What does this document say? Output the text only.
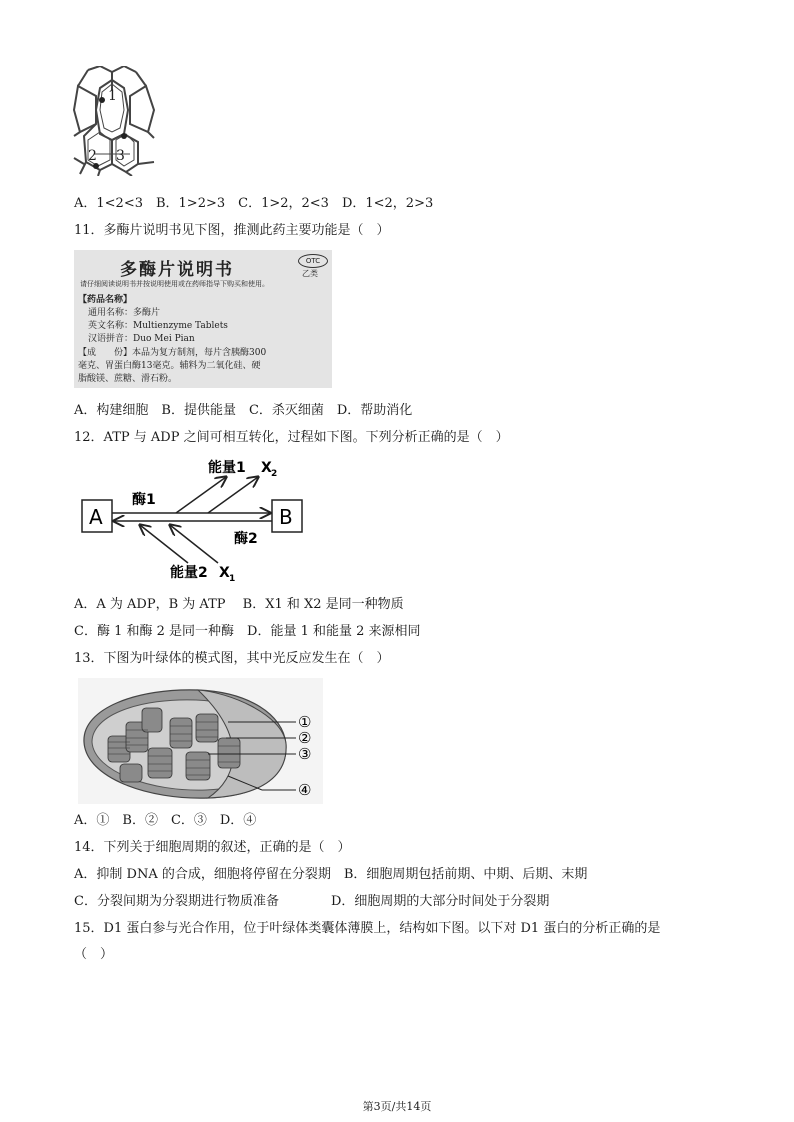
1
2 3
A．1<2<3　B．1>2>3　C．1>2，2<3　D．1<2，2>3
11．多酶片说明书见下图，推测此药主要功能是（　）
多酶片说明书	OTC
乙类
请仔细阅读说明书并按说明使用或在药师指导下购买和使用。
【药品名称】
通用名称：多酶片
英文名称：Multienzyme Tablets
汉语拼音：Duo Mei Pian
【成　　份】本品为复方制剂，每片含胰酶300
毫克、胃蛋白酶13毫克。辅料为二氧化硅、硬
脂酸镁、蔗糖、滑石粉。
A．构建细胞　B．提供能量　C．杀灭细菌　D．帮助消化
12．ATP 与 ADP 之间可相互转化，过程如下图。下列分析正确的是（　）
A	B
酶1
酶2
能量1 X 2
能量2 X 1
A．A 为 ADP，B 为 ATP　 B．X1 和 X2 是同一种物质
C．酶 1 和酶 2 是同一种酶　D．能量 1 和能量 2 来源相同
13．下图为叶绿体的模式图，其中光反应发生在（　）
①
②
③
④
A．①　B．②　C．③　D．④
14．下列关于细胞周期的叙述，正确的是（　）
A．抑制 DNA 的合成，细胞将停留在分裂期　B．细胞周期包括前期、中期、后期、末期
C．分裂间期为分裂期进行物质准备　　　　D．细胞周期的大部分时间处于分裂期
15．D1 蛋白参与光合作用，位于叶绿体类囊体薄膜上，结构如下图。以下对 D1 蛋白的分析正确的是
（　）
第3页/共14页
